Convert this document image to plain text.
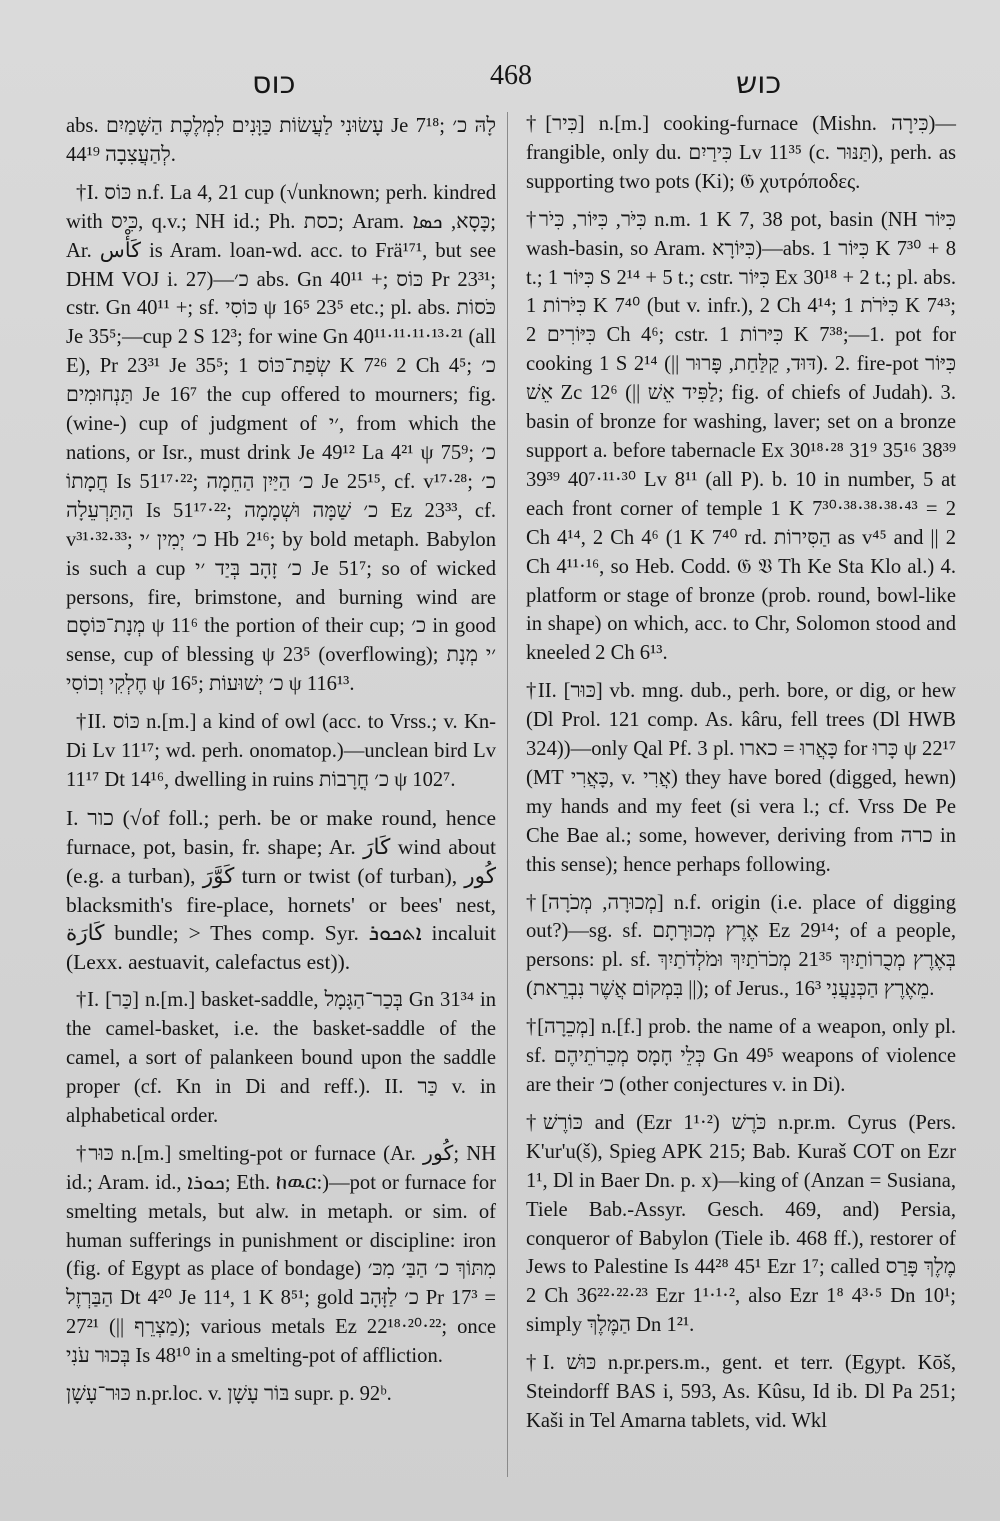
כוס	468	כוש

abs. עָשׂוּנִי לַעֲשׂוֹת כַּוָּנִים לִמְלֶכֶת הַשָּׁמַיִם Je 7¹⁸; לָהּ כ׳ לְהַעֲצִבָה 44¹⁹.

†I. כּוֹס n.f. La 4, 21 cup (√unknown; perh. kindred with כִּיס, q.v.; NH id.; Ph. כסת; Aram. כָּסָא, ܟܣܐ; Ar. كَأْس is Aram. loan-wd. acc. to Frä¹⁷¹, but see DHM VOJ i. 27)—כ׳ abs. Gn 40¹¹ +; כּוֹס Pr 23³¹; cstr. Gn 40¹¹ +; sf. כּוֹסִי ψ 16⁵ 23⁵ etc.; pl. abs. כֹּסוֹת Je 35⁵;—cup 2 S 12³; for wine Gn 40¹¹·¹¹·¹¹·¹³·²¹ (all E), Pr 23³¹ Je 35⁵; שְׂפַת־כּוֹס 1 K 7²⁶ 2 Ch 4⁵; כ׳ תַּנְחוּמִים Je 16⁷ the cup offered to mourners; fig. (wine-) cup of judgment of ׳י, from which the nations, or Isr., must drink Je 49¹² La 4²¹ ψ 75⁹; כ׳ חֲמָתוֹ Is 51¹⁷·²²; כ׳ הַיַּיִן הַחֵמָה Je 25¹⁵, cf. v¹⁷·²⁸; כ׳ הַתַּרְעֵלָה Is 51¹⁷·²²; כ׳ שַׁמָּה וּשְׁמָמָה Ez 23³³, cf. v³¹·³²·³³; כ׳ יְמִין ׳י Hb 2¹⁶; by bold metaph. Babylon is such a cup כ׳ זָהָב בְּיַד ׳י Je 51⁷; so of wicked persons, fire, brimstone, and burning wind are מְנָת־כּוֹסָם ψ 11⁶ the portion of their cup; כ׳ in good sense, cup of blessing ψ 23⁵ (overflowing); ׳י מְנָת חֶלְקִי וְכוֹסִי ψ 16⁵; כ׳ יְשׁוּעוֹת ψ 116¹³.

†II. כּוֹס n.[m.] a kind of owl (acc. to Vrss.; v. Kn-Di Lv 11¹⁷; wd. perh. onomatop.)—unclean bird Lv 11¹⁷ Dt 14¹⁶, dwelling in ruins כ׳ חֳרָבוֹת ψ 102⁷.

I. כור (√of foll.; perh. be or make round, hence furnace, pot, basin, fr. shape; Ar. كَارَ wind about (e.g. a turban), كَوَّرَ turn or twist (of turban), كُور blacksmith's fire-place, hornets' or bees' nest, كَارَة bundle; > Thes comp. Syr. ܐܬܟܘܪ incaluit (Lexx. aestuavit, calefactus est)).

†I. [כַּר] n.[m.] basket-saddle, בְּכַר־הַגָּמָל Gn 31³⁴ in the camel-basket, i.e. the basket-saddle of the camel, a sort of palankeen bound upon the saddle proper (cf. Kn in Di and reff.). II. כַּר v. in alphabetical order.

†כּוּר n.[m.] smelting-pot or furnace (Ar. كُور; NH id.; Aram. id., ܟܘܪܐ; Eth. ከዉር:)—pot or furnace for smelting metals, but alw. in metaph. or sim. of human sufferings in punishment or discipline: iron (fig. of Egypt as place of bondage) מִתּוֹךְ כ׳ הַבַּ׳ מִכּ׳ הַבַּרְזֶל Dt 4²⁰ Je 11⁴, 1 K 8⁵¹; gold כ׳ לַזָּהָב Pr 17³ = 27²¹ (|| מַצְרֵף); various metals Ez 22¹⁸·²⁰·²²; once בְּכוּר עֹנִי Is 48¹⁰ in a smelting-pot of affliction.

כּוּר־עָשָׁן n.pr.loc. v. בּוֹר עָשָׁן supr. p. 92ᵇ.

†[כִּיר] n.[m.] cooking-furnace (Mishn. כִּירָה)—frangible, only du. כִּירַיִם Lv 11³⁵ (c. תַּנּוּר), perh. as supporting two pots (Ki); 𝔊 χυτρόποδες.

†כִּיֹּר, כִּיּוֹר, כִּיֹר n.m. 1 K 7, 38 pot, basin (NH כִּיּוֹר wash-basin, so Aram. כִּיּוֹרָא)—abs. כִּיּוֹר 1 K 7³⁰ + 8 t.; כִּיּוֹר 1 S 2¹⁴ + 5 t.; cstr. כִּיּוֹר Ex 30¹⁸ + 2 t.; pl. abs. כִּיֹּרוֹת 1 K 7⁴⁰ (but v. infr.), 2 Ch 4¹⁴; כִּיֹּרֹת 1 K 7⁴³; כִּיּוֹרִים 2 Ch 4⁶; cstr. כִּיּרוֹת 1 K 7³⁸;—1. pot for cooking 1 S 2¹⁴ (|| דּוּד, קַלַּחַת, פָּרוּר). 2. fire-pot כִּיּוֹר אֵשׁ Zc 12⁶ (|| לַפִּיד אֵשׁ; fig. of chiefs of Judah). 3. basin of bronze for washing, laver; set on a bronze support a. before tabernacle Ex 30¹⁸·²⁸ 31⁹ 35¹⁶ 38³⁹ 39³⁹ 40⁷·¹¹·³⁰ Lv 8¹¹ (all P). b. 10 in number, 5 at each front corner of temple 1 K 7³⁰·³⁸·³⁸·³⁸·⁴³ = 2 Ch 4¹⁴, 2 Ch 4⁶ (1 K 7⁴⁰ rd. הַסִּירוֹת as v⁴⁵ and || 2 Ch 4¹¹·¹⁶, so Heb. Codd. 𝔊 𝔙 Th Ke Sta Klo al.) 4. platform or stage of bronze (prob. round, bowl-like in shape) on which, acc. to Chr, Solomon stood and kneeled 2 Ch 6¹³.

†II. [כּוּר] vb. mng. dub., perh. bore, or dig, or hew (Dl Prol. 121 comp. As. kâru, fell trees (Dl HWB 324))—only Qal Pf. 3 pl. כָּאֲרוּ = כארו for כָּרוּ ψ 22¹⁷ (MT כָּאֲרִי, v. אֲרִי) they have bored (digged, hewn) my hands and my feet (si vera l.; cf. Vrss De Pe Che Bae al.; some, however, deriving from כרה in this sense); hence perhaps following.

†[מְכוּרָה, מְכֹרָה] n.f. origin (i.e. place of digging out?)—sg. sf. אֶרֶץ מְכוּרָתָם Ez 29¹⁴; of a people, persons: pl. sf. בְּאֶרֶץ מְכֻרוֹתַיִךְ 21³⁵ מְכֹרֹתַיִךְ וּמֹלְדֹתַיִךְ (|| בִּמְקוֹם אֲשֶׁר נִבְרֵאת); of Jerus., מֵאֶרֶץ הַכְּנַעֲנִי 16³.

†[מְכֵרָה] n.[f.] prob. the name of a weapon, only pl. sf. כְּלֵי חָמָס מְכֵרֹתֵיהֶם Gn 49⁵ weapons of violence are their כ׳ (other conjectures v. in Di).

†כּוֹרֶשׁ and (Ezr 1¹·²) כֹּרֶשׁ n.pr.m. Cyrus (Pers. K'ur'u(š), Spieg APK 215; Bab. Kuraš COT on Ezr 1¹, Dl in Baer Dn. p. x)—king of (Anzan = Susiana, Tiele Bab.-Assyr. Gesch. 469, and) Persia, conqueror of Babylon (Tiele ib. 468 ff.), restorer of Jews to Palestine Is 44²⁸ 45¹ Ezr 1⁷; called מֶלֶךְ פָּרַס 2 Ch 36²²·²²·²³ Ezr 1¹·¹·², also Ezr 1⁸ 4³·⁵ Dn 10¹; simply הַמֶּלֶךְ Dn 1²¹.

†I. כּוּשׁ n.pr.pers.m., gent. et terr. (Egypt. Kōš, Steindorff BAS i, 593, As. Kûsu, Id ib. Dl Pa 251; Kaši in Tel Amarna tablets, vid. Wkl
